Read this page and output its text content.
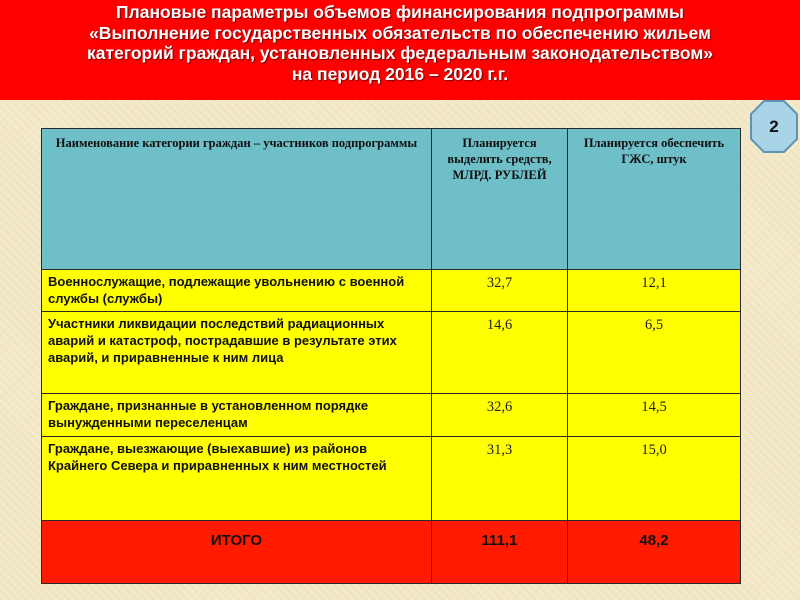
Плановые параметры объемов финансирования подпрограммы
«Выполнение государственных обязательств по обеспечению жильем
категорий граждан, установленных федеральным законодательством»
на период 2016 – 2020 г.г.
2
Наименование категории граждан – участников подпрограммы	Планируется выделить средств, МЛРД. РУБЛЕЙ	Планируется обеспечить ГЖС, штук
Военнослужащие, подлежащие увольнению с военной службы (службы)	32,7	12,1
Участники ликвидации последствий радиационных аварий и катастроф, пострадавшие в результате этих аварий, и приравненные к ним лица	14,6	6,5
Граждане, признанные в установленном порядке вынужденными переселенцам	32,6	14,5
Граждане, выезжающие (выехавшие) из районов Крайнего Севера и приравненных к ним местностей	31,3	15,0
ИТОГО	111,1	48,2
